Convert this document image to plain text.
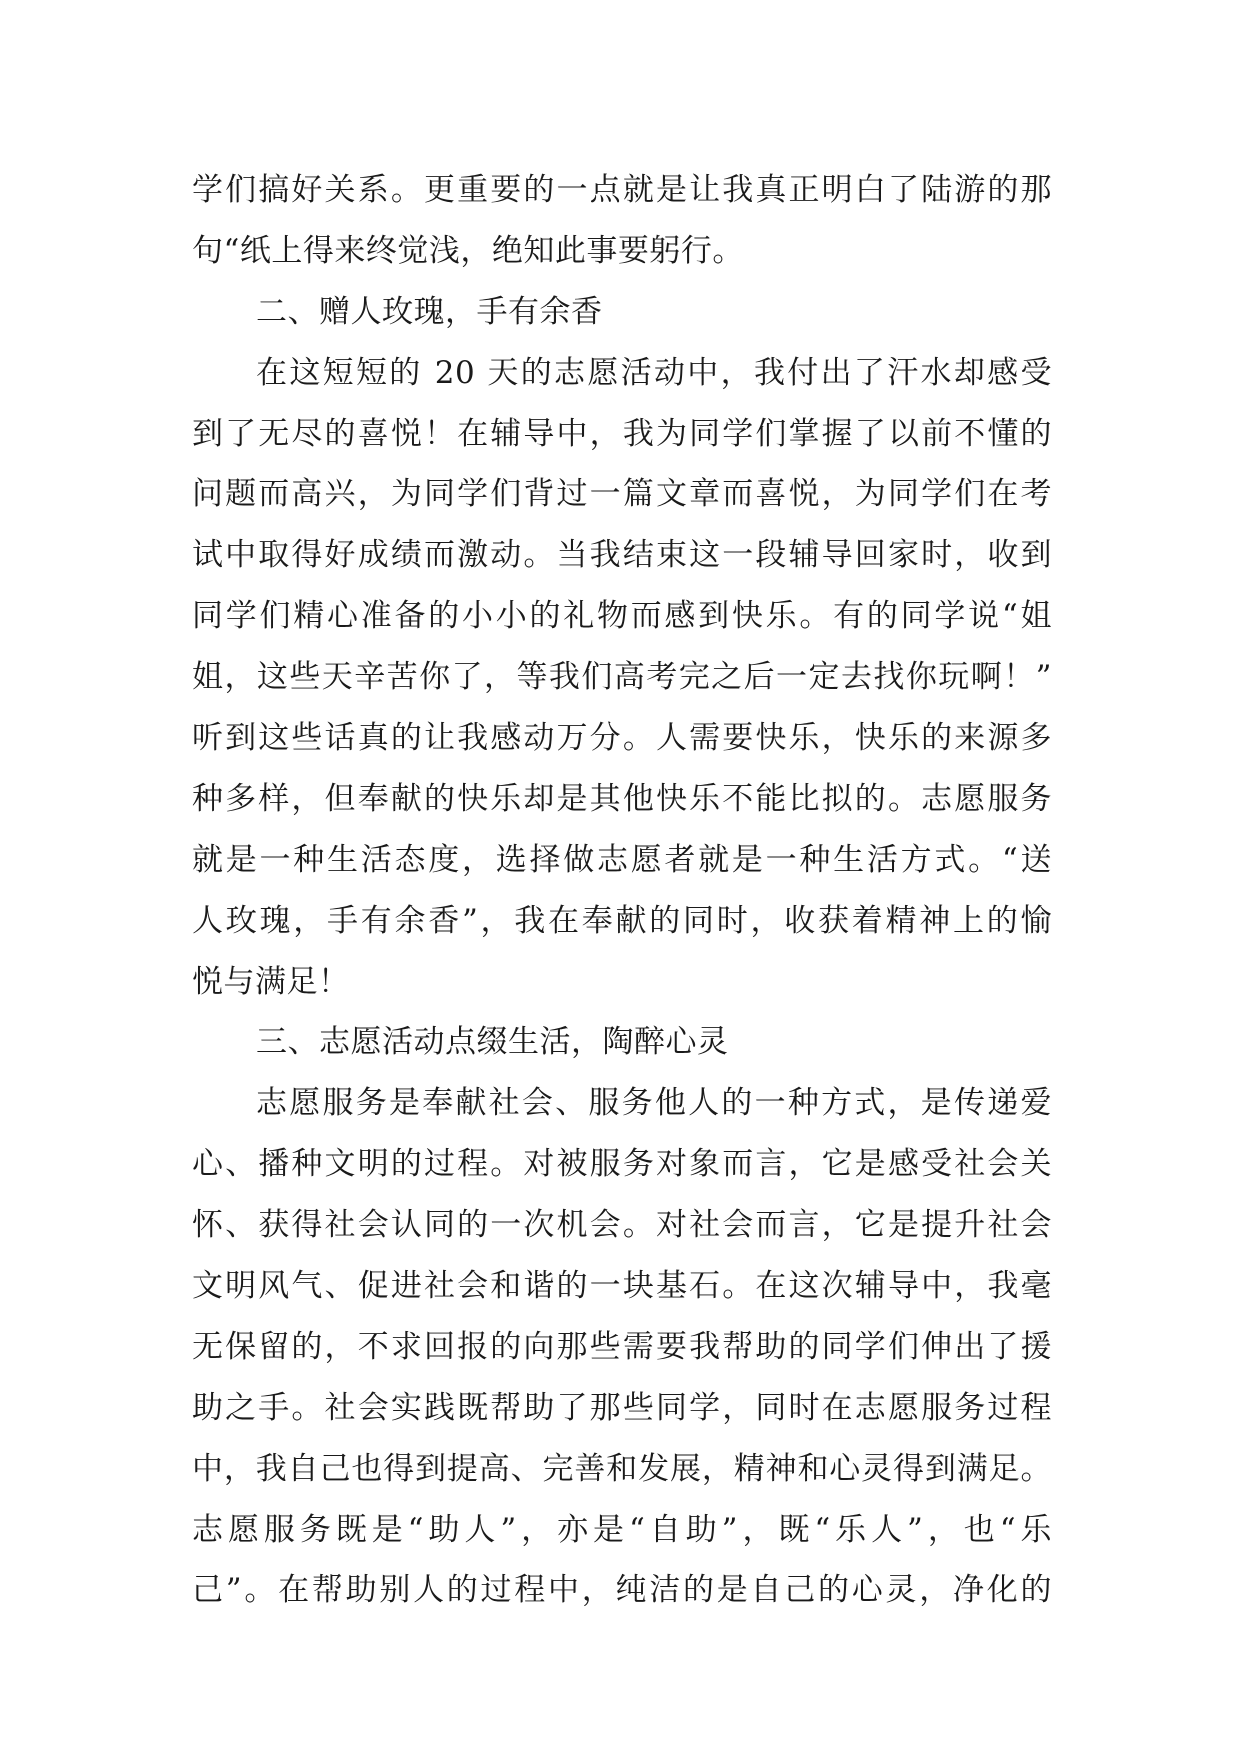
学们搞好关系。更重要的一点就是让我真正明白了陆游的那
句“纸上得来终觉浅，绝知此事要躬行。
二、赠人玫瑰，手有余香
在这短短的 20 天的志愿活动中，我付出了汗水却感受
到了无尽的喜悦！在辅导中，我为同学们掌握了以前不懂的
问题而高兴，为同学们背过一篇文章而喜悦，为同学们在考
试中取得好成绩而激动。当我结束这一段辅导回家时，收到
同学们精心准备的小小的礼物而感到快乐。有的同学说“姐
姐，这些天辛苦你了，等我们高考完之后一定去找你玩啊！”
听到这些话真的让我感动万分。人需要快乐，快乐的来源多
种多样，但奉献的快乐却是其他快乐不能比拟的。志愿服务
就是一种生活态度，选择做志愿者就是一种生活方式。“送
人玫瑰，手有余香”，我在奉献的同时，收获着精神上的愉
悦与满足！
三、志愿活动点缀生活，陶醉心灵
志愿服务是奉献社会、服务他人的一种方式，是传递爱
心、播种文明的过程。对被服务对象而言，它是感受社会关
怀、获得社会认同的一次机会。对社会而言，它是提升社会
文明风气、促进社会和谐的一块基石。在这次辅导中，我毫
无保留的，不求回报的向那些需要我帮助的同学们伸出了援
助之手。社会实践既帮助了那些同学，同时在志愿服务过程
中，我自己也得到提高、完善和发展，精神和心灵得到满足。
志愿服务既是“助人”，亦是“自助”，既“乐人”，也“乐
己”。在帮助别人的过程中，纯洁的是自己的心灵，净化的
